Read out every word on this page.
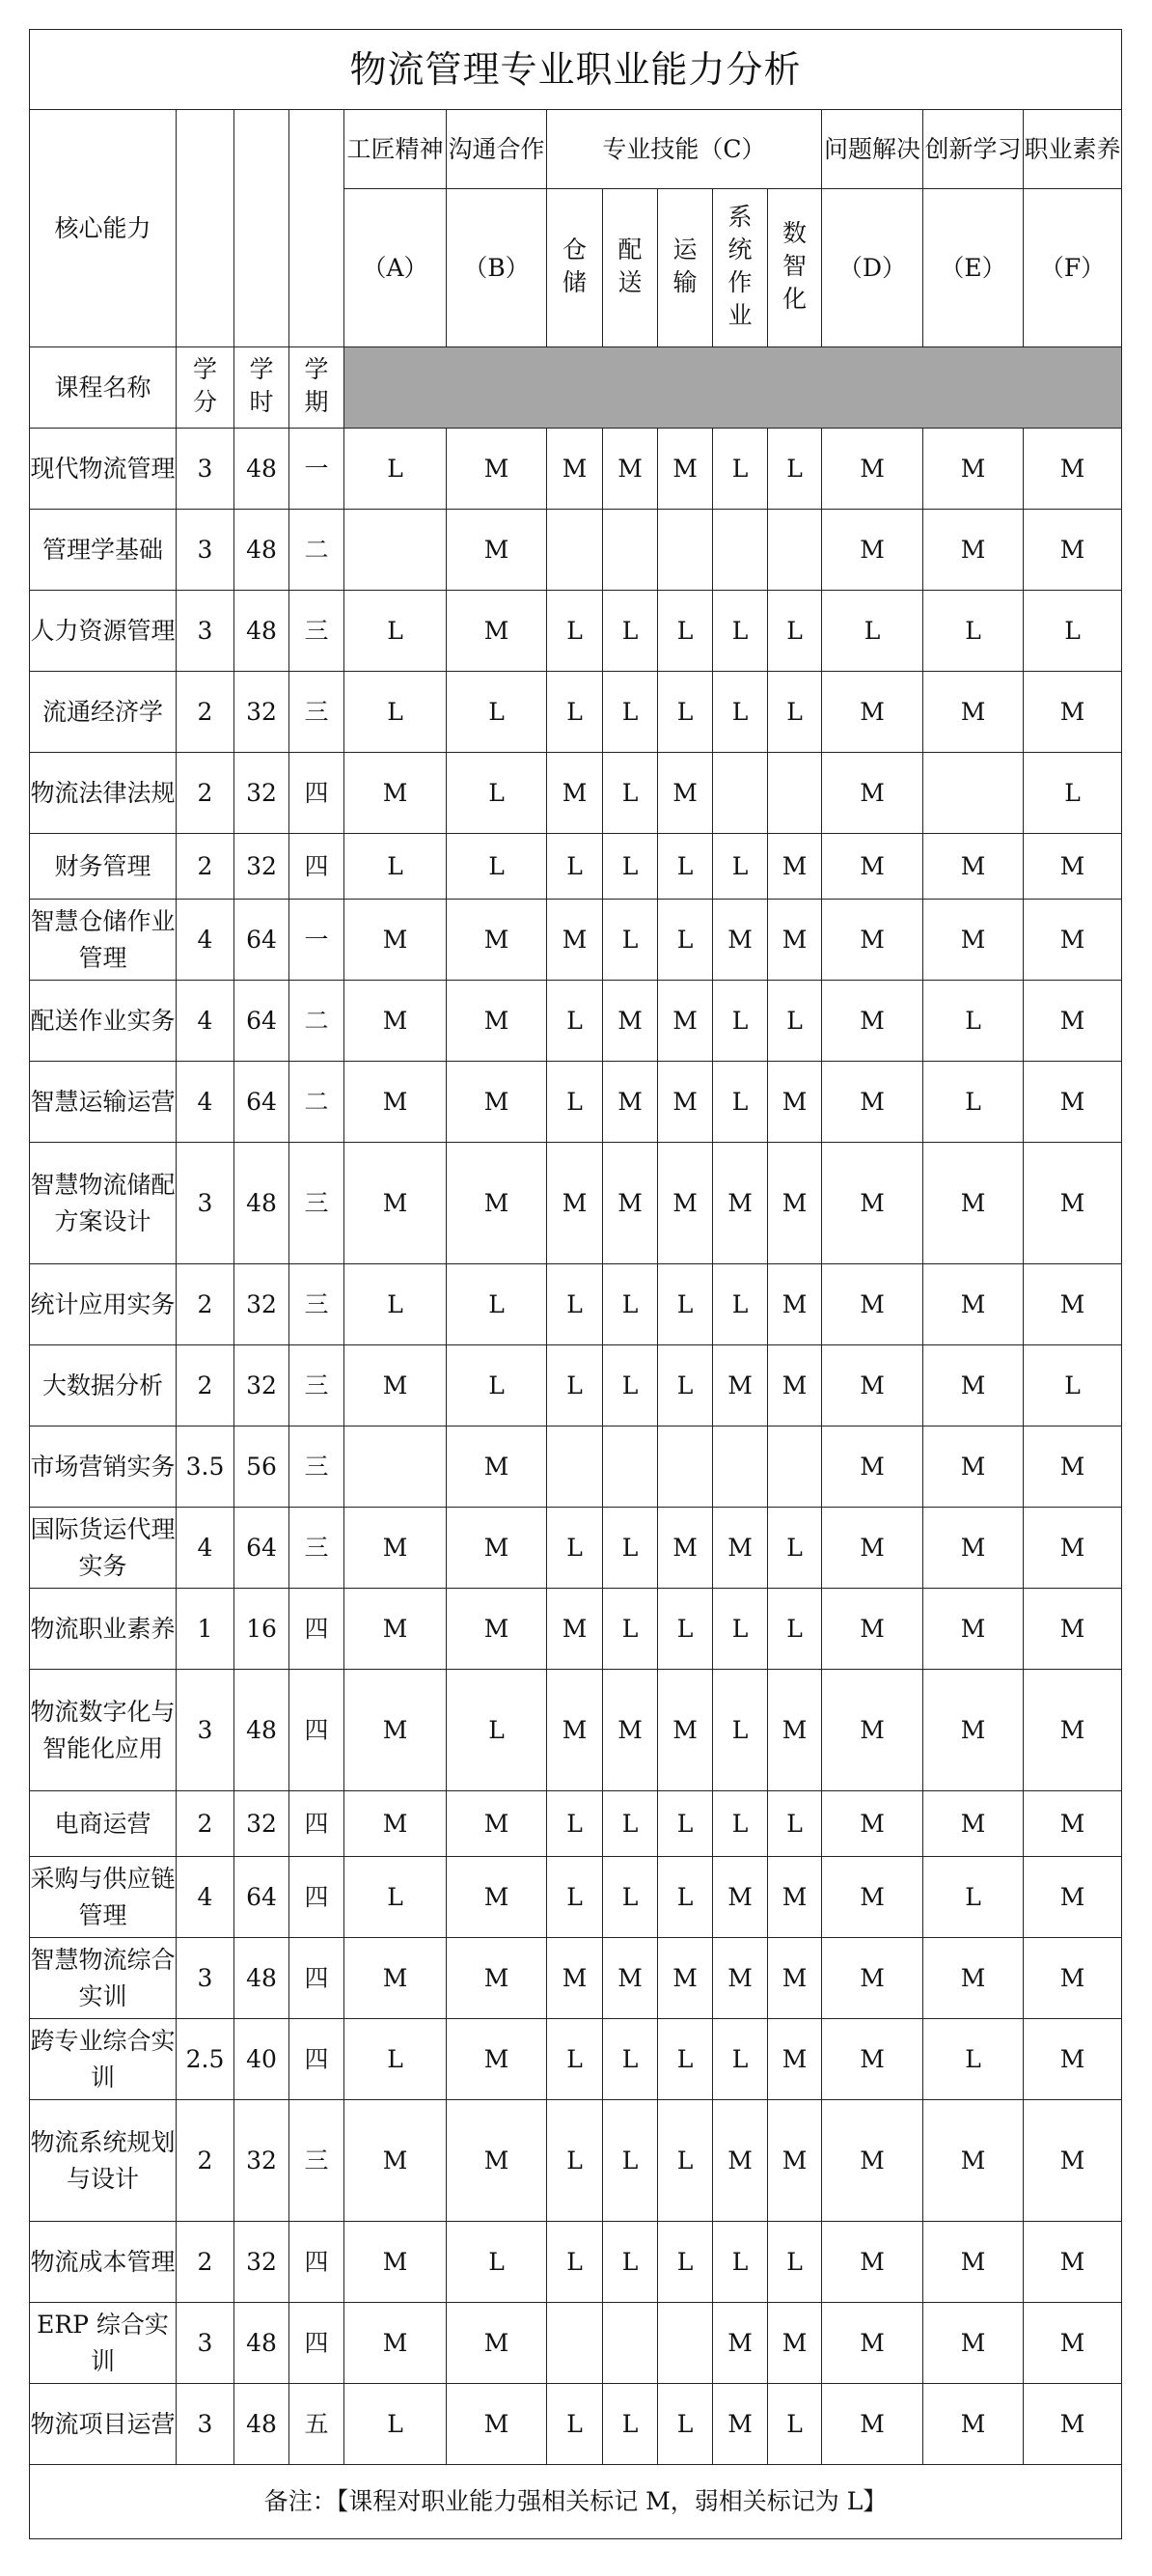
物流管理专业职业能力分析													
核心能力				工匠精神	沟通合作	专业技能（C）					问题解决	创新学习	职业素养
				（A）	（B）	仓储	配送	运输	系统作业	数智化	（D）	（E）	（F）
课程名称	学分	学时	学期										
现代物流管理	3	48	一	L	M	M	M	M	L	L	M	M	M
管理学基础	3	48	二		M						M	M	M
人力资源管理	3	48	三	L	M	L	L	L	L	L	L	L	L
流通经济学	2	32	三	L	L	L	L	L	L	L	M	M	M
物流法律法规	2	32	四	M	L	M	L	M			M		L
财务管理	2	32	四	L	L	L	L	L	L	M	M	M	M
智慧仓储作业管理	4	64	一	M	M	M	L	L	M	M	M	M	M
配送作业实务	4	64	二	M	M	L	M	M	L	L	M	L	M
智慧运输运营	4	64	二	M	M	L	M	M	L	M	M	L	M
智慧物流储配方案设计	3	48	三	M	M	M	M	M	M	M	M	M	M
统计应用实务	2	32	三	L	L	L	L	L	L	M	M	M	M
大数据分析	2	32	三	M	L	L	L	L	M	M	M	M	L
市场营销实务	3.5	56	三		M						M	M	M
国际货运代理实务	4	64	三	M	M	L	L	M	M	L	M	M	M
物流职业素养	1	16	四	M	M	M	L	L	L	L	M	M	M
物流数字化与智能化应用	3	48	四	M	L	M	M	M	L	M	M	M	M
电商运营	2	32	四	M	M	L	L	L	L	L	M	M	M
采购与供应链管理	4	64	四	L	M	L	L	L	M	M	M	L	M
智慧物流综合实训	3	48	四	M	M	M	M	M	M	M	M	M	M
跨专业综合实训	2.5	40	四	L	M	L	L	L	L	M	M	L	M
物流系统规划与设计	2	32	三	M	M	L	L	L	M	M	M	M	M
物流成本管理	2	32	四	M	L	L	L	L	L	L	M	M	M
ERP 综合实训	3	48	四	M	M				M	M	M	M	M
物流项目运营	3	48	五	L	M	L	L	L	M	L	M	M	M
备注：【课程对职业能力强相关标记 M，弱相关标记为 L】													
